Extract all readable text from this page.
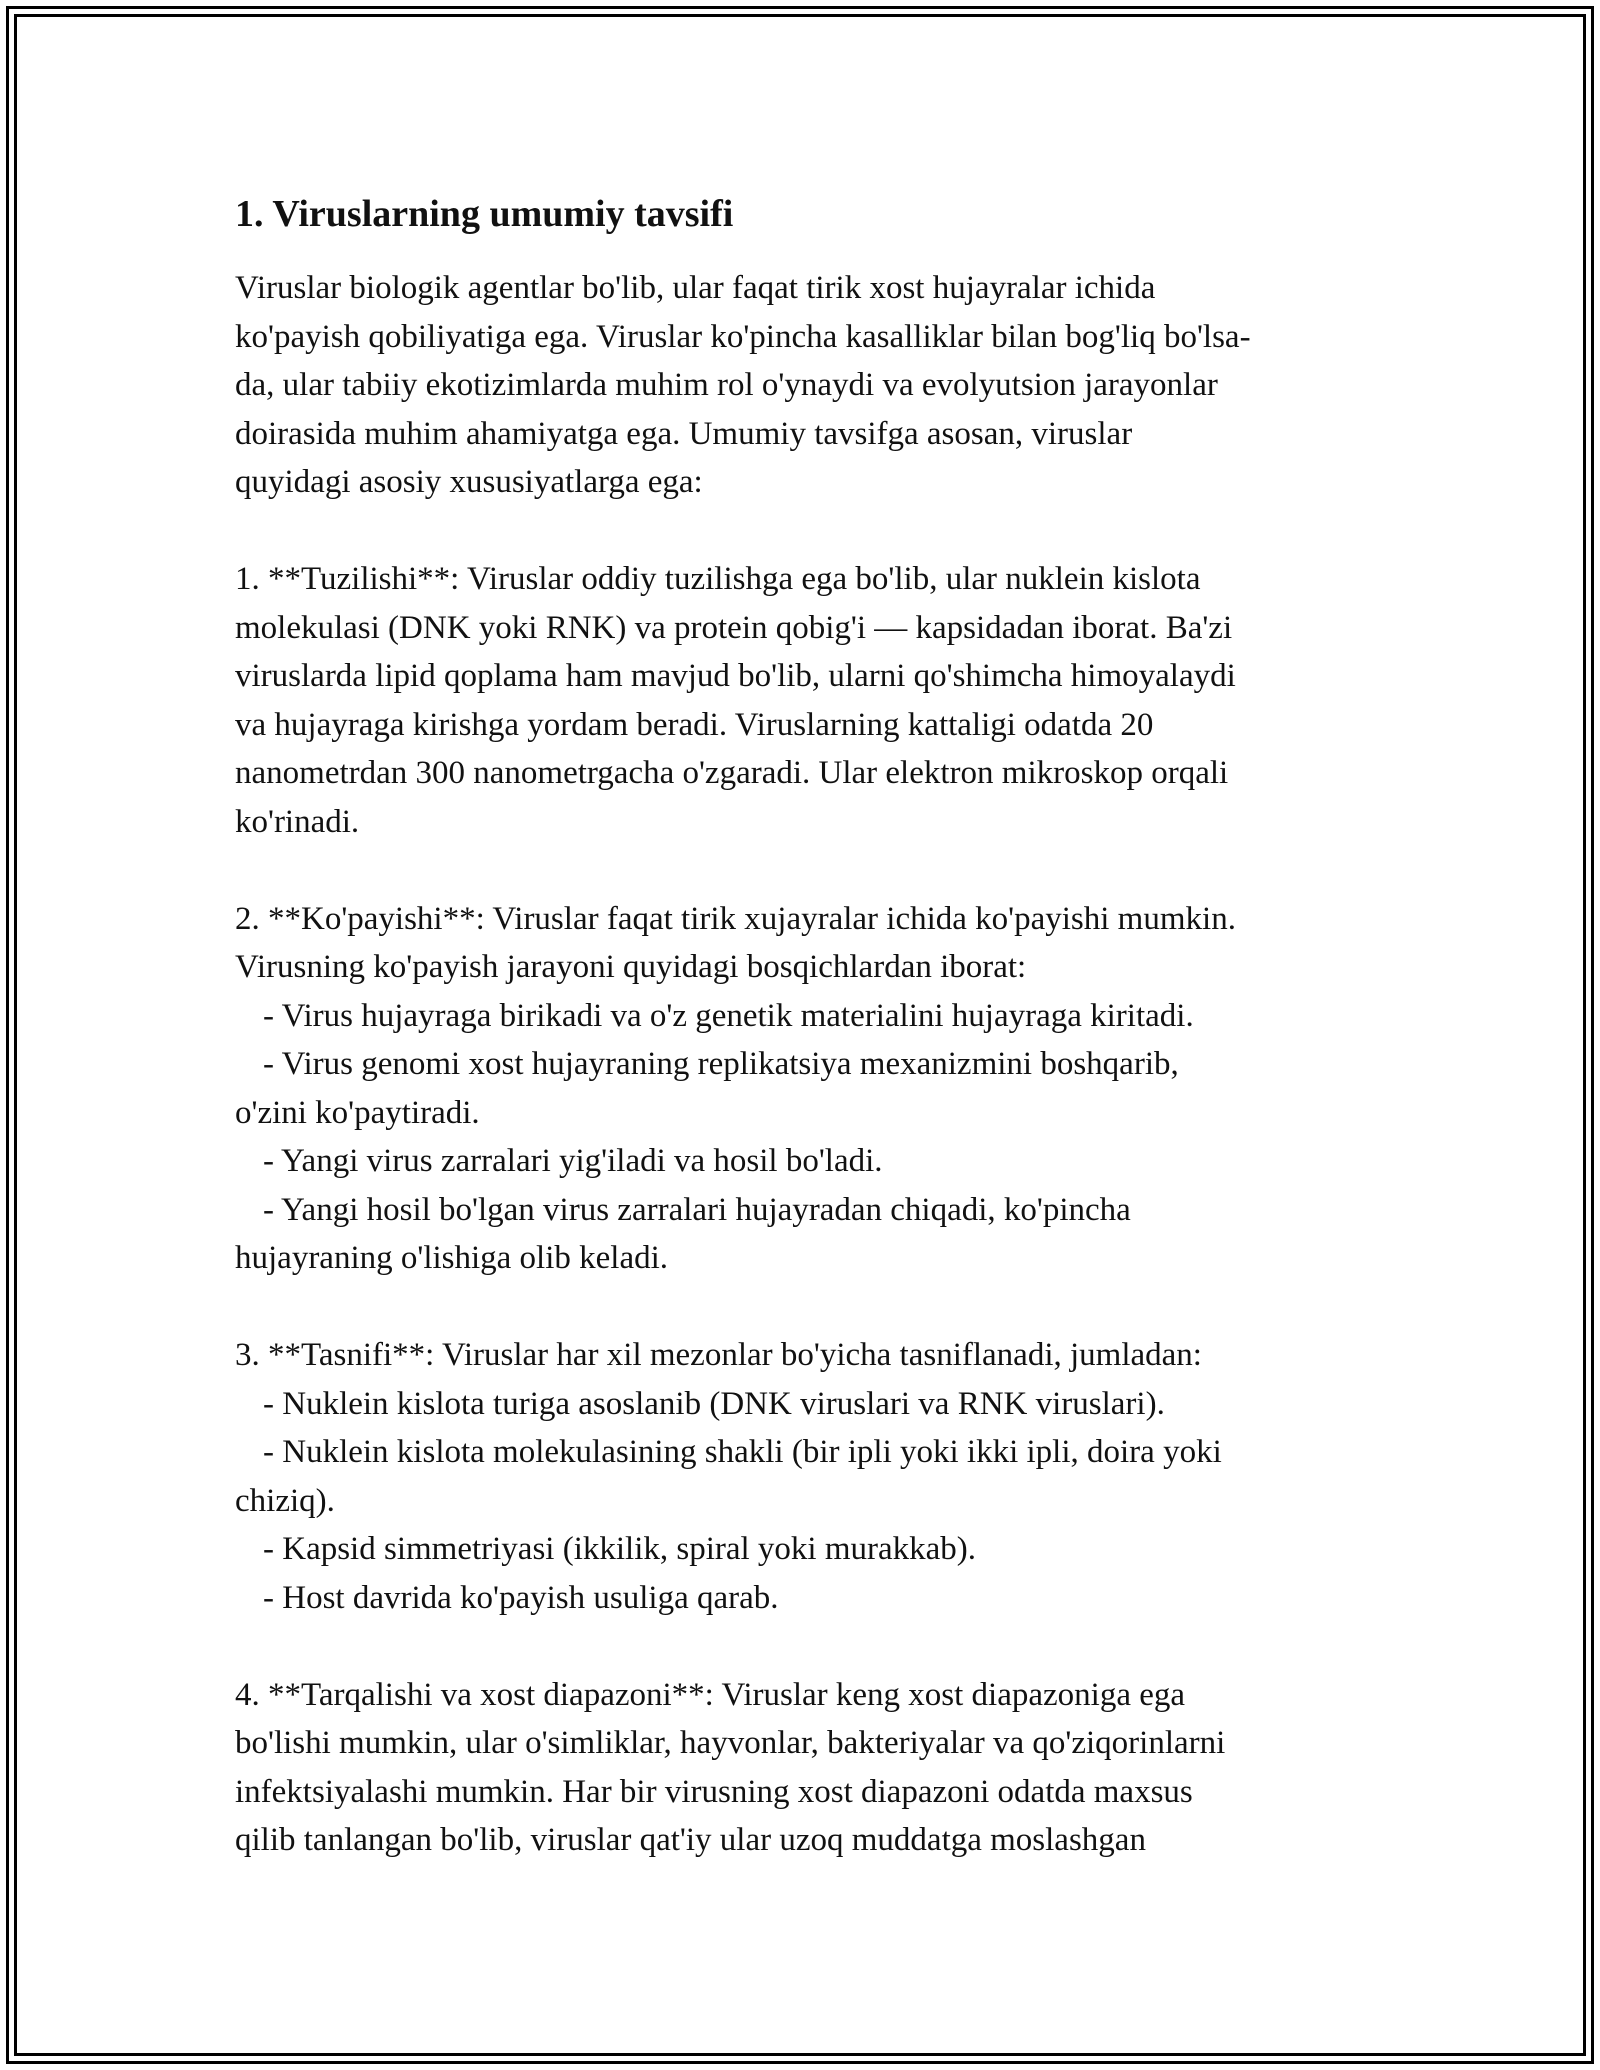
1. Viruslarning umumiy tavsifi
Viruslar biologik agentlar bo'lib, ular faqat tirik xost hujayralar ichida
ko'payish qobiliyatiga ega. Viruslar ko'pincha kasalliklar bilan bog'liq bo'lsa-
da, ular tabiiy ekotizimlarda muhim rol o'ynaydi va evolyutsion jarayonlar
doirasida muhim ahamiyatga ega. Umumiy tavsifga asosan, viruslar
quyidagi asosiy xususiyatlarga ega:
1. **Tuzilishi**: Viruslar oddiy tuzilishga ega bo'lib, ular nuklein kislota
molekulasi (DNK yoki RNK) va protein qobig'i — kapsidadan iborat. Ba'zi
viruslarda lipid qoplama ham mavjud bo'lib, ularni qo'shimcha himoyalaydi
va hujayraga kirishga yordam beradi. Viruslarning kattaligi odatda 20
nanometrdan 300 nanometrgacha o'zgaradi. Ular elektron mikroskop orqali
ko'rinadi.
2. **Ko'payishi**: Viruslar faqat tirik xujayralar ichida ko'payishi mumkin.
Virusning ko'payish jarayoni quyidagi bosqichlardan iborat:
- Virus hujayraga birikadi va o'z genetik materialini hujayraga kiritadi.
- Virus genomi xost hujayraning replikatsiya mexanizmini boshqarib,
o'zini ko'paytiradi.
- Yangi virus zarralari yig'iladi va hosil bo'ladi.
- Yangi hosil bo'lgan virus zarralari hujayradan chiqadi, ko'pincha
hujayraning o'lishiga olib keladi.
3. **Tasnifi**: Viruslar har xil mezonlar bo'yicha tasniflanadi, jumladan:
- Nuklein kislota turiga asoslanib (DNK viruslari va RNK viruslari).
- Nuklein kislota molekulasining shakli (bir ipli yoki ikki ipli, doira yoki
chiziq).
- Kapsid simmetriyasi (ikkilik, spiral yoki murakkab).
- Host davrida ko'payish usuliga qarab.
4. **Tarqalishi va xost diapazoni**: Viruslar keng xost diapazoniga ega
bo'lishi mumkin, ular o'simliklar, hayvonlar, bakteriyalar va qo'ziqorinlarni
infektsiyalashi mumkin. Har bir virusning xost diapazoni odatda maxsus
qilib tanlangan bo'lib, viruslar qat'iy ular uzoq muddatga moslashgan
